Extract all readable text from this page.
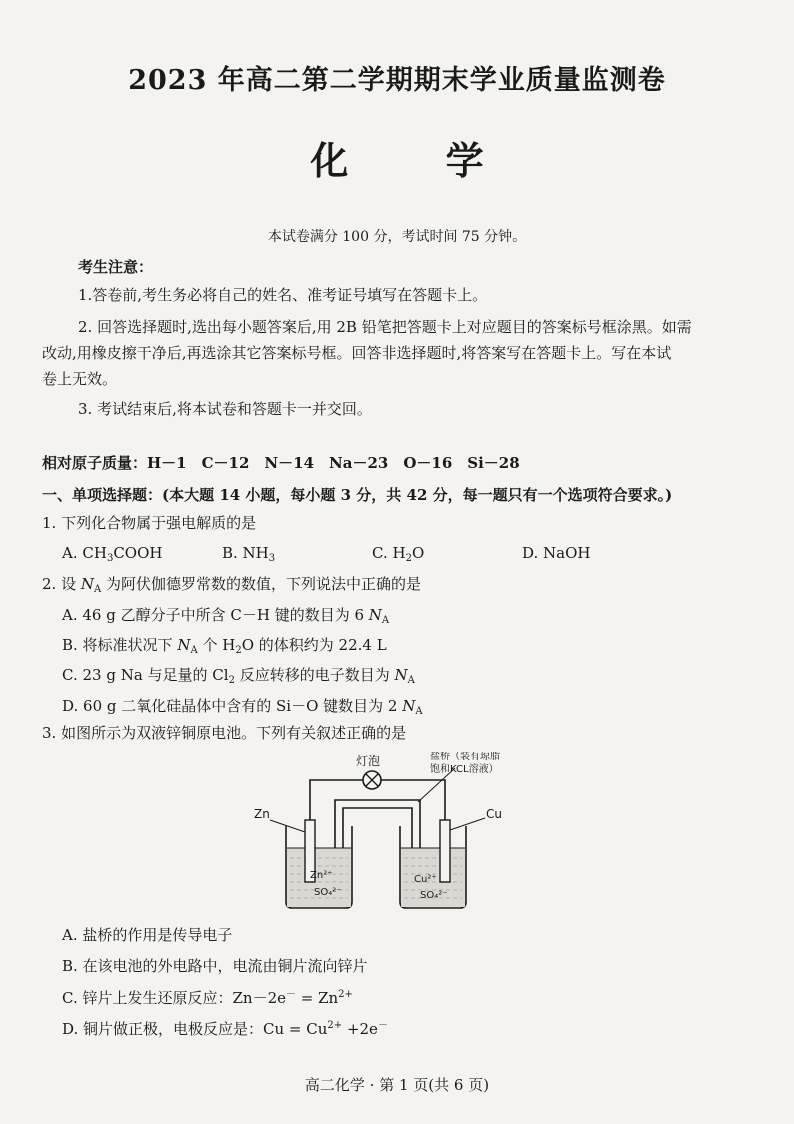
2023 年高二第二学期期末学业质量监测卷
化 学
本试卷满分 100 分，考试时间 75 分钟。
考生注意：
1.答卷前,考生务必将自己的姓名、准考证号填写在答题卡上。
2. 回答选择题时,选出每小题答案后,用 2B 铅笔把答题卡上对应题目的答案标号框涂黑。如需
改动,用橡皮擦干净后,再选涂其它答案标号框。回答非选择题时,将答案写在答题卡上。写在本试
卷上无效。
3. 考试结束后,将本试卷和答题卡一并交回。
相对原子质量：H－1　C－12　N－14　Na－23　O－16　Si－28
一、单项选择题：(本大题 14 小题，每小题 3 分，共 42 分，每一题只有一个选项符合要求。)
1. 下列化合物属于强电解质的是
A. $CH_3COOH$	B. $NH_3$	C. $H_2O$	D. NaOH
2. 设 $N_A$ 为阿伏伽德罗常数的数值，下列说法中正确的是
A. 46 g 乙醇分子中所含 C－H 键的数目为 6 $N_A$
B. 将标准状况下 $N_A$ 个 $H_2O$ 的体积约为 22.4 L
C. 23 g Na 与足量的 $Cl_2$ 反应转移的电子数目为 $N_A$
D. 60 g 二氧化硅晶体中含有的 Si－O 键数目为 2 $N_A$
3. 如图所示为双液锌铜原电池。下列有关叙述正确的是
灯泡	盐桥（装有琼脂
饱和KCL溶液）
Zn	Cu
Zn²⁺
SO₄²⁻
Cu²⁺
SO₄²⁻
A. 盐桥的作用是传导电子
B. 在该电池的外电路中，电流由铜片流向锌片
C. 锌片上发生还原反应：$Zn-2e^- = Zn^{2+}$
D. 铜片做正极，电极反应是：$Cu = Cu^{2+} +2e^-$
高二化学 · 第 1 页(共 6 页)
